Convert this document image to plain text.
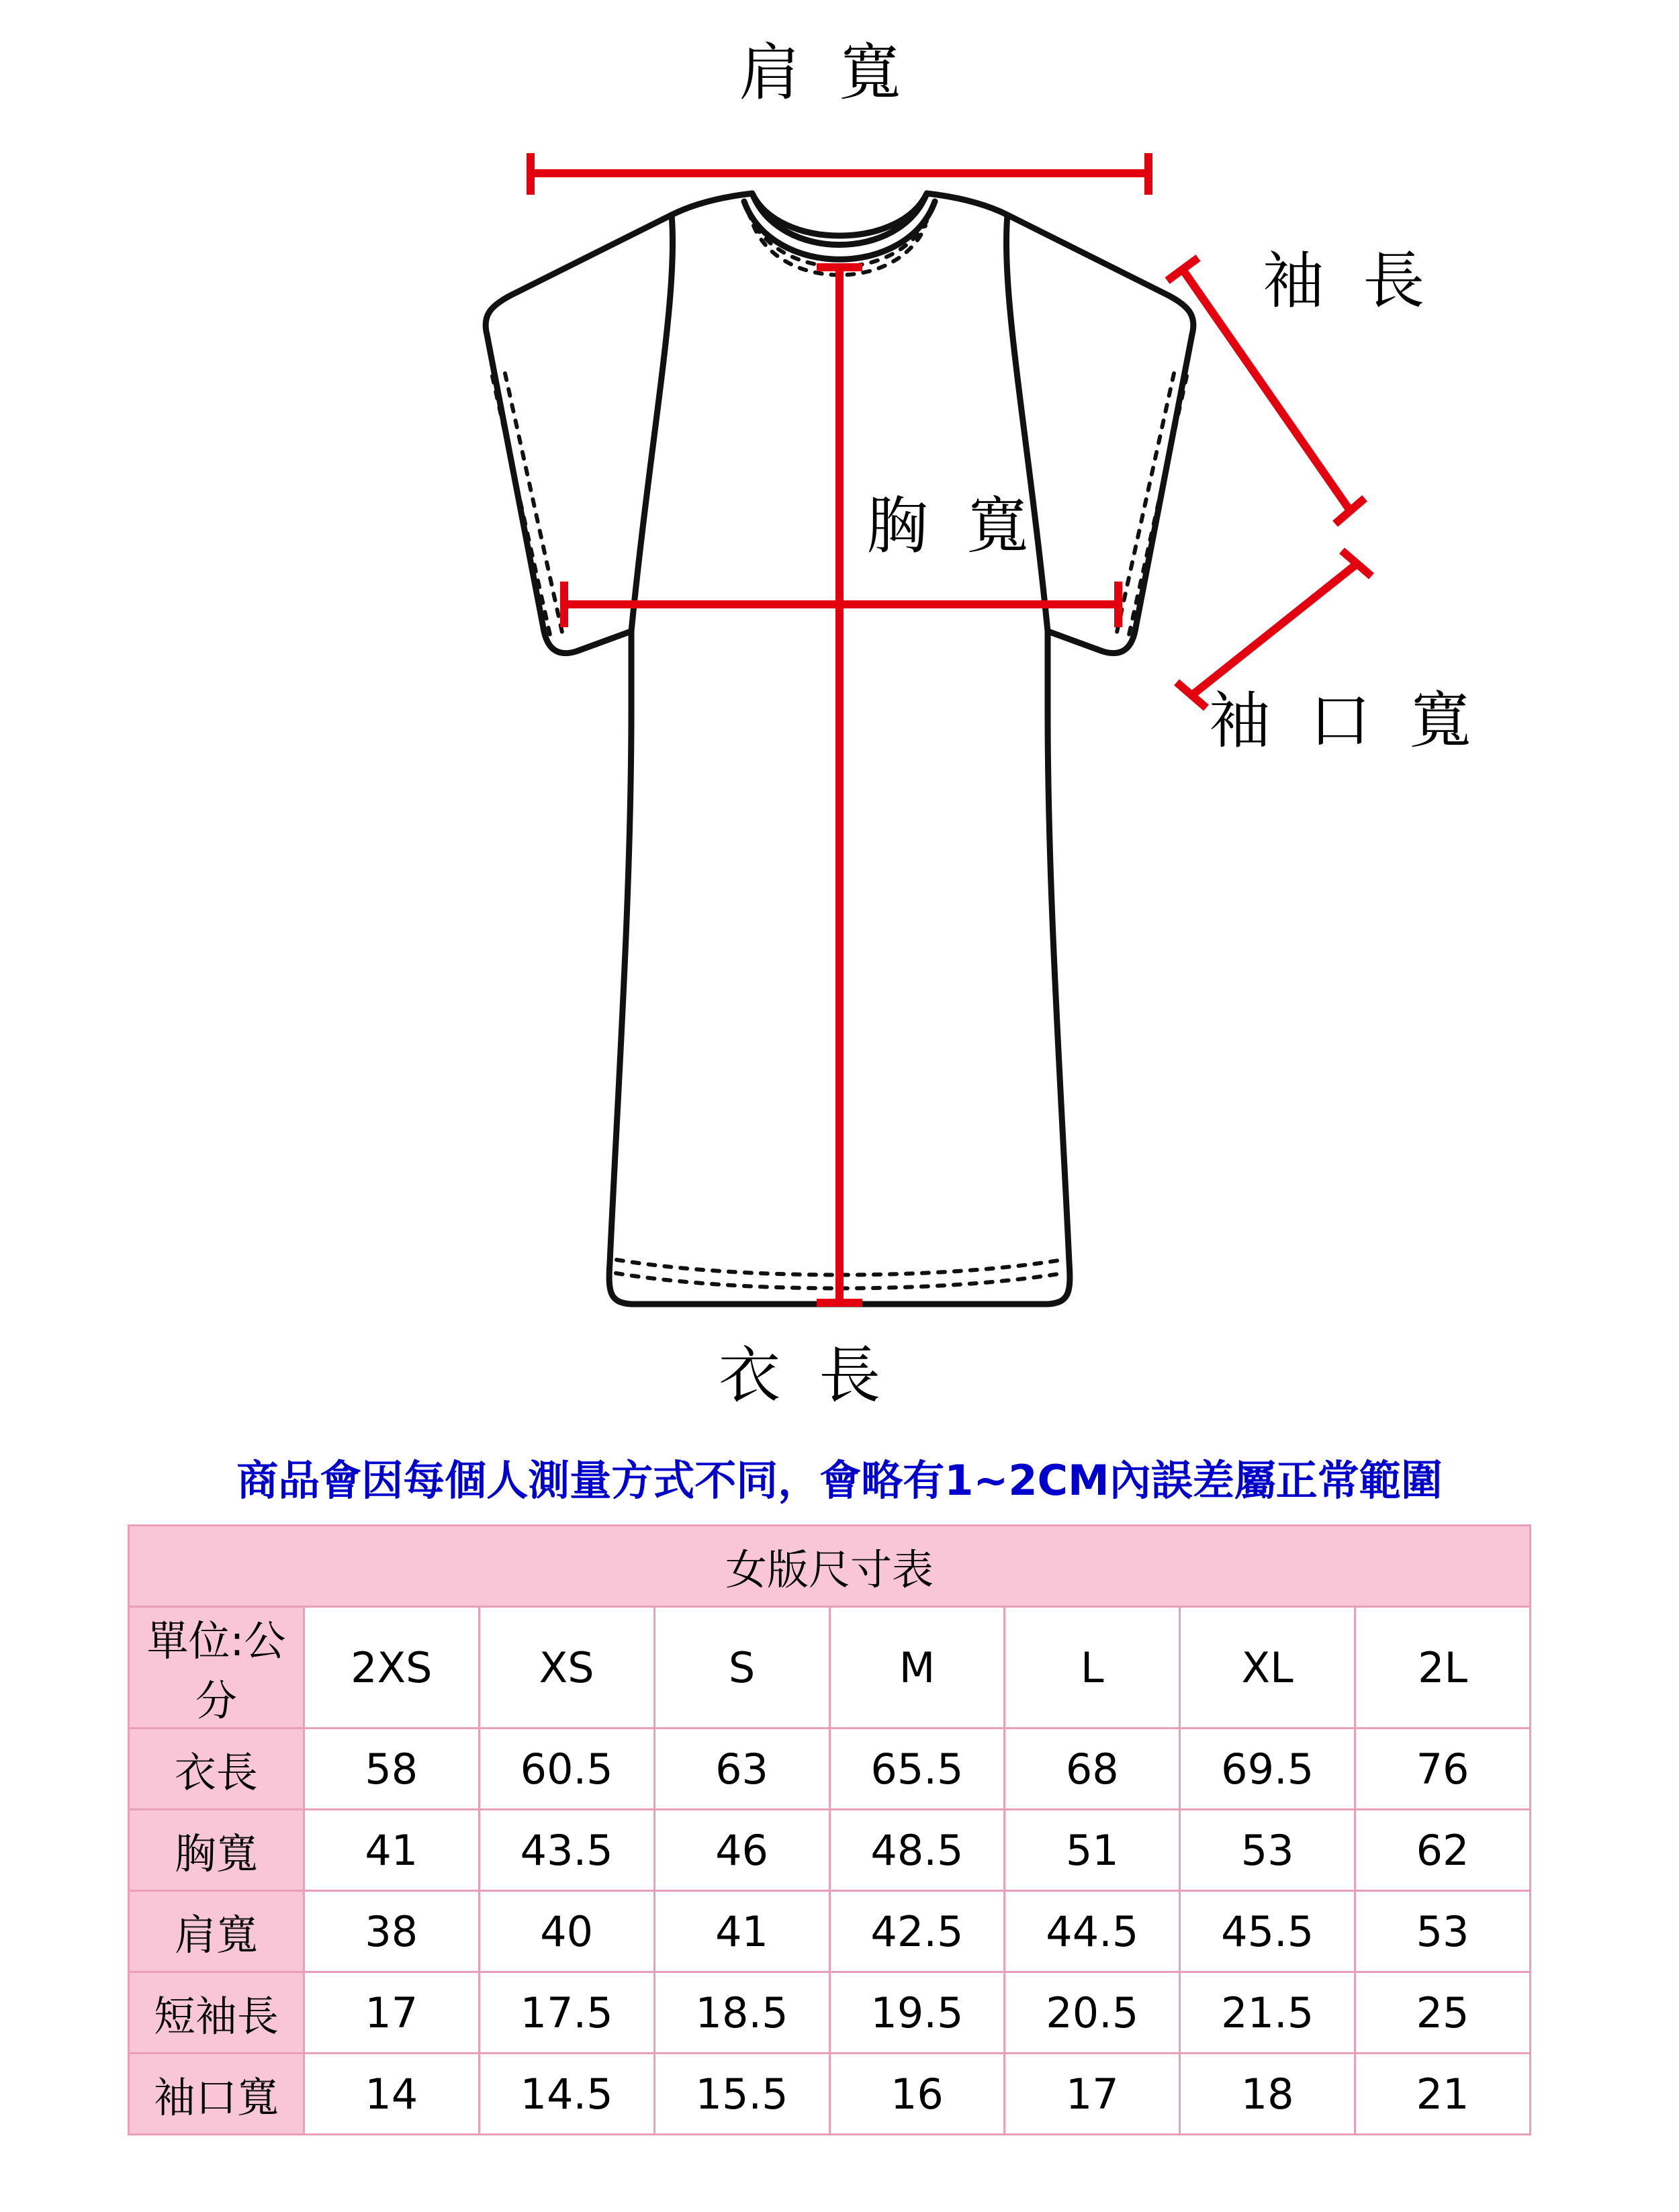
肩 寬
袖 長
胸 寬
袖 口 寬
衣 長
商品會因每個人測量方式不同，會略有1~2CM內誤差屬正常範圍
女版尺寸表							
單位:公分	2XS	XS	S	M	L	XL	2L
衣長	58	60.5	63	65.5	68	69.5	76
胸寬	41	43.5	46	48.5	51	53	62
肩寬	38	40	41	42.5	44.5	45.5	53
短袖長	17	17.5	18.5	19.5	20.5	21.5	25
袖口寬	14	14.5	15.5	16	17	18	21
